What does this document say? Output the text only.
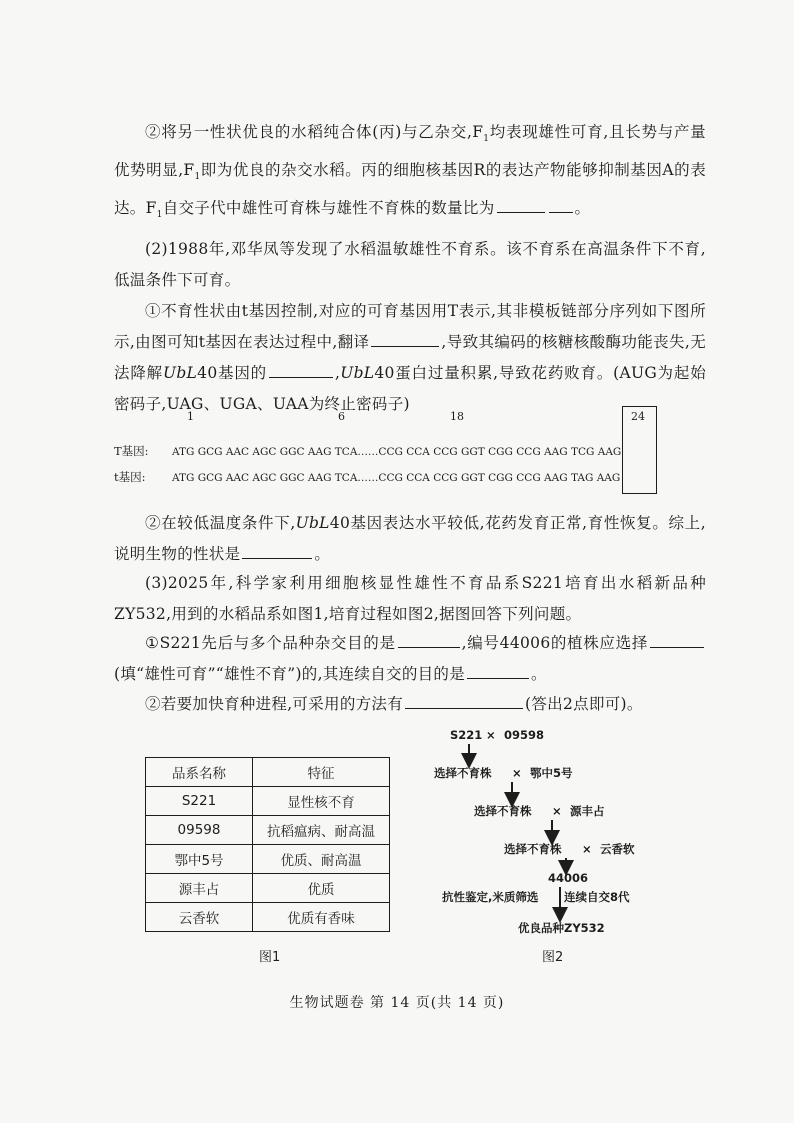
②将另一性状优良的水稻纯合体(丙)与乙杂交$,F_1$均表现雄性可育,且长势与产量优势明显$,F_1$即为优良的杂交水稻。丙的细胞核基因R的表达产物能够抑制基因A的表达。$F_1$自交子代中雄性可育株与雄性不育株的数量比为	。

(2)1988年,邓华凤等发现了水稻温敏雄性不育系。该不育系在高温条件下不育,低温条件下可育。

①不育性状由t基因控制,对应的可育基因用T表示,其非模板链部分序列如下图所示,由图可知t基因在表达过程中,翻译	,导致其编码的核糖核酸酶功能丧失,无法降解UbL40基因的	,UbL40蛋白过量积累,导致花药败育。(AUG为起始密码子,UAG、UGA、UAA为终止密码子)

1	6	18	24
T基因: ATG GCG AAC AGC GGC AAG TCA……CCG CCA CCG GGT CGG CCG AAG TCG AAG
t基因:	ATG GCG AAC AGC GGC AAG TCA……CCG CCA CCG GGT CGG CCG AAG TAG AAG

②在较低温度条件下,UbL40基因表达水平较低,花药发育正常,育性恢复。综上,说明生物的性状是	。

(3)2025年,科学家利用细胞核显性雄性不育品系S221培育出水稻新品种ZY532,用到的水稻品系如图1,培育过程如图2,据图回答下列问题。

①S221先后与多个品种杂交目的是	,编号44006的植株应选择(填“雄性可育”“雄性不育”)的,其连续自交的目的是	。

②若要加快育种进程,可采用的方法有	(答出2点即可)。

品系名称	特征
S221	显性核不育
09598	抗稻瘟病、耐高温
鄂中5号	优质、耐高温
源丰占	优质
云香软	优质有香味
图1
S221 × 09598
选择不育株 × 鄂中5号
选择不育株 × 源丰占
选择不育株 × 云香软
44006
抗性鉴定,米质筛选 连续自交8代
优良品种ZY532
图2
生物试题卷 第 14 页(共 14 页)
